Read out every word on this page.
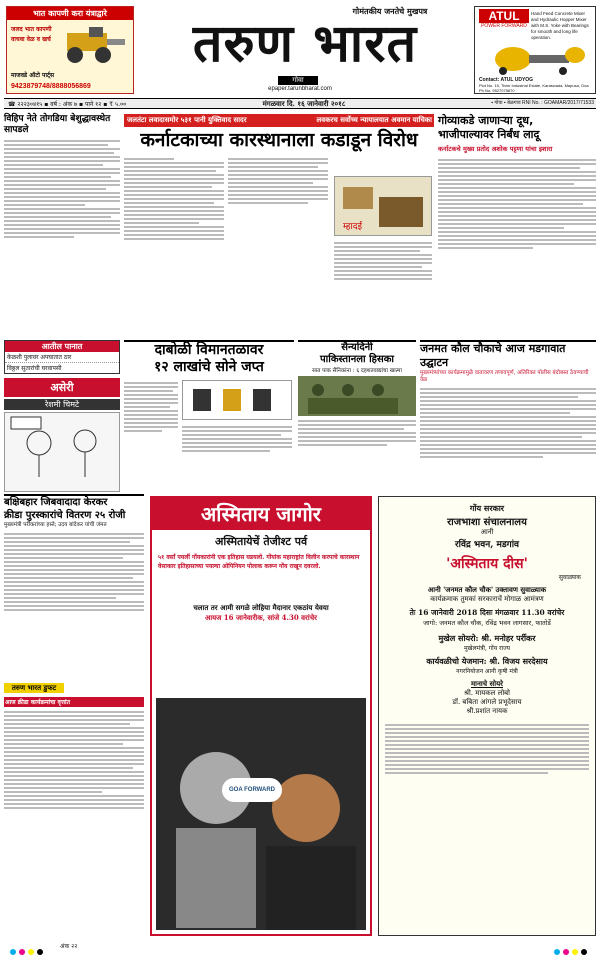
भात कापणी करा यंत्राद्वारे
जलद भात कापणी
वाचवा वेळ व खर्च
माजवडे ऑटो पार्ट्स
9423879748/8888056869
गोमंतकीय जनतेचे मुखपत्र
तरुण भारत
गोवा
epaper.tarunbharat.com
ATUL
POWER FORWARD
Hand Feed Concrete Mixer and Hydraulic Hopper Mixer with M.S. Yoke with Bearings for smooth and long life operation.
Contact: ATUL UDYOG
Plot No. 15, Tivim Industrial Estate, Karaswada, Mapusa, Goa Ph No. 9527075870
☎ २२२३०४१५ ▪ वर्ष : अंक ७ ▪ पाने १२ ▪ ₹ ५.००	मंगळवार दि. १६ जानेवारी २०१८	▪ गोवा ▪ बेळगाव RNI No. : GOAMAR/2017/71533
विहिप नेते तोगडिया बेशुद्धावस्थेत सापडले
आतील पानात
केळशी पुलावर अपघातात ठार
विठ्ठल सुतारांची घरवापसी
असेरी
रेशमी चिमटे
जलतंटा लवादासमोर ५३१ पानी युक्तिवाद सादर	लवकरच सर्वोच्च न्यायालयात अवमान याचिका
कर्नाटकाच्या कारस्थानाला कडाडून विरोध
म्हादई
गोव्याकडे जाणाऱ्या दूध,
भाजीपाल्यावर निर्बंध लादू
कर्नाटकचे मुख्य प्रतोद अशोक पट्टणा यांचा इशारा
दाबोळी विमानतळावर
१२ लाखांचे सोने जप्त
सैन्यदिनी
पाकिस्तानला हिसका
सात पाक सैनिकांना : ६ दहशतवाद्यांचा खात्मा
जनमत कौल चौकाचे आज मडगावात उद्घाटन
मुख्यमंत्र्यांच्या कार्यक्रमामुळे वातावरण तणावपूर्ण, अतिरिक्त पोलीस बंदोबस्त ठेवण्याची वेळ
बक्षिबहार जिबवादादा केरकर
क्रीडा पुरस्कारांचे वितरण २५ रोजी
मुख्यमंत्री पर्रीकरांच्या हस्ते; उदय बांदेकर यांची जंमत
तरुण भारत डुफट
आज क्रीडा कार्यक्रमांचा वृत्तांत
अस्मिताय जागोर
अस्मितायेचें तेजीश्ट पर्व
५१ वर्सां पयलीं गोंयकारांनी एक इतिहास घडयलो. गोंयांक महाराष्ट्रांत विलीन करपाचे कारस्थान वेसाकार इतिहासाच्या पयल्या ओपिनियन पोलाक करून गोंय राखून दवरलो.
चलात तर आमी सगळे लोहिया मैदानार एकठांय येवया
आयज 16 जानेवारीक, सांजे 4.30 वरांचेर
GOA FORWARD
गोंय सरकार
राजभाशा संचालनालय
आनी
रविंद्र भवन, मडगांव
'अस्मिताय दीस'
सुवाळ्याक
आनी 'जनमत कौल चौक' उक्तावण सुवाळ्याक
कार्यक्रमाक तुमकां सरकाराचें मोगाळ आमंत्रण
तेः 16 जानेवारी 2018 दिसः मंगळवार 11.30 वरांचेर
जागो: जनमत कौल चौक, रविंद्र भवन लागसार, फातोर्डे
मुखेल सोयरो: श्री. मनोहर पर्रीकर
मुखेलमंत्री, गोंय राज्य
कार्यवळीचो येजमान: श्री. विजय सरदेसाय
नगरनियोजन आनी कृषी मंत्री
मानाचे सोयरे
श्री. मायकल लोबो
डॉ. बबिता आंगले प्रभूदेसाय
श्री.प्रशांत नायक
अंक २२
